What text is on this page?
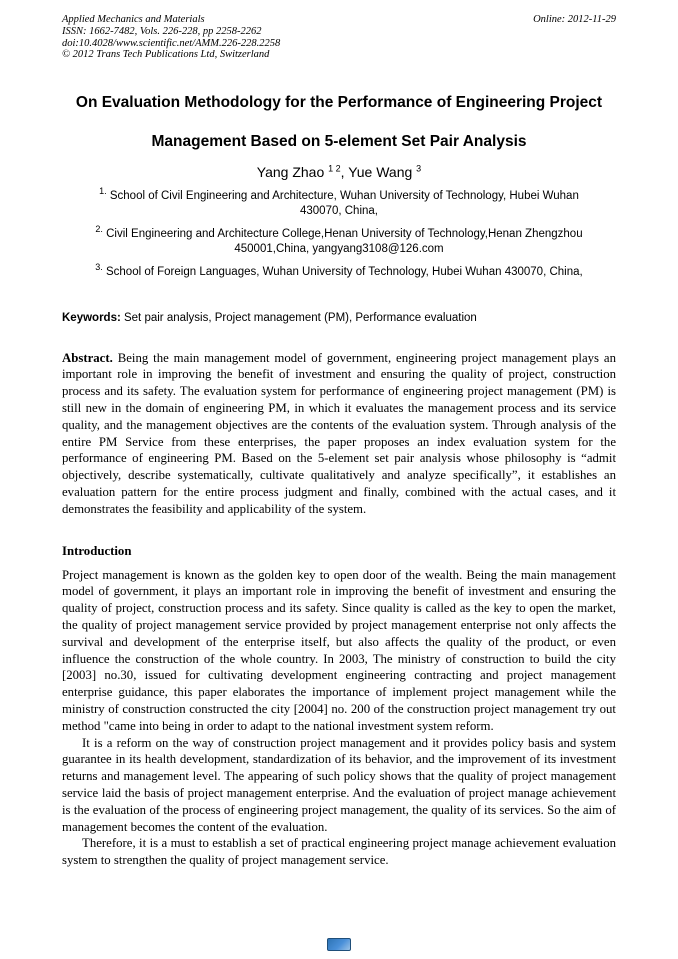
Applied Mechanics and Materials	Online: 2012-11-29
ISSN: 1662-7482, Vols. 226-228, pp 2258-2262
doi:10.4028/www.scientific.net/AMM.226-228.2258
© 2012 Trans Tech Publications Ltd, Switzerland
On Evaluation Methodology for the Performance of Engineering Project
Management Based on 5-element Set Pair Analysis
Yang Zhao $^{1 2}$, Yue Wang $^3$
$^{1.}$ School of Civil Engineering and Architecture, Wuhan University of Technology, Hubei Wuhan 430070, China,
$^{2.}$ Civil Engineering and Architecture College,Henan University of Technology,Henan Zhengzhou 450001,China, yangyang3108@126.com
$^{3.}$ School of Foreign Languages, Wuhan University of Technology, Hubei Wuhan 430070, China,

Keywords: Set pair analysis, Project management (PM), Performance evaluation

Abstract. Being the main management model of government, engineering project management plays an important role in improving the benefit of investment and ensuring the quality of project, construction process and its safety. The evaluation system for performance of engineering project management (PM) is still new in the domain of engineering PM, in which it evaluates the management process and its service quality, and the management objectives are the contents of the evaluation system. Through analysis of the entire PM Service from these enterprises, the paper proposes an index evaluation system for the performance of engineering PM. Based on the 5-element set pair analysis whose philosophy is “admit objectively, describe systematically, cultivate qualitatively and analyze specifically”, it establishes an evaluation pattern for the entire process judgment and finally, combined with the actual cases, and it demonstrates the feasibility and applicability of the system.

Introduction

Project management is known as the golden key to open door of the wealth. Being the main management model of government, it plays an important role in improving the benefit of investment and ensuring the quality of project, construction process and its safety. Since quality is called as the key to open the market, the quality of project management service provided by project management enterprise not only affects the survival and development of the enterprise itself, but also affects the quality of the product, or even influence the construction of the whole country. In 2003, The ministry of construction to build the city [2003] no.30, issued for cultivating development engineering contracting and project management enterprise guidance, this paper elaborates the importance of implement project management while the ministry of construction constructed the city [2004] no. 200 of the construction project management try out method "came into being in order to adapt to the national investment system reform.

It is a reform on the way of construction project management and it provides policy basis and system guarantee in its health development, standardization of its behavior, and the improvement of its investment returns and management level. The appearing of such policy shows that the quality of project management service laid the basis of project management enterprise. And the evaluation of project manage achievement is the evaluation of the process of engineering project management, the quality of its services. So the aim of management becomes the content of the evaluation.

Therefore, it is a must to establish a set of practical engineering project manage achievement evaluation system to strengthen the quality of project management service.
